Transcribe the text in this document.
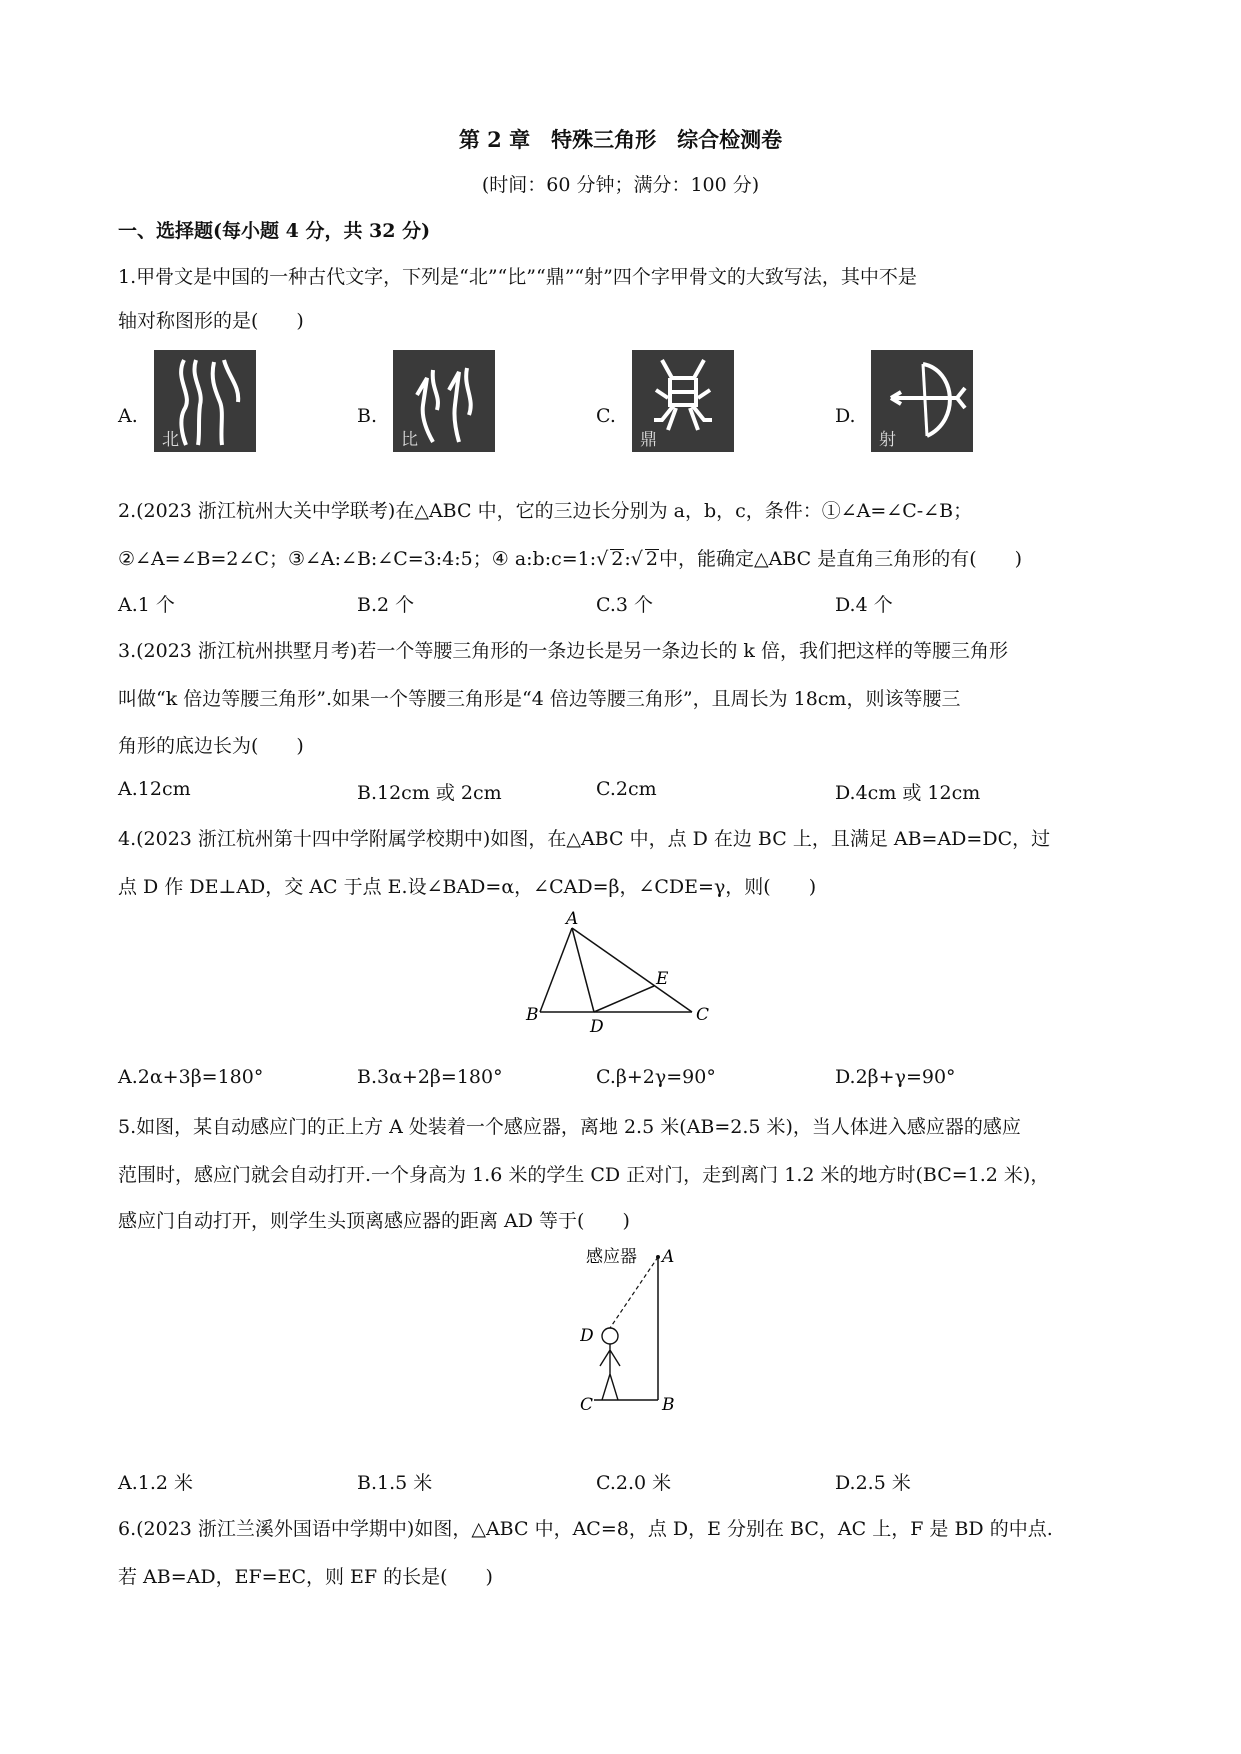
第 2 章　特殊三角形　综合检测卷
(时间：60 分钟；满分：100 分)
一、选择题(每小题 4 分，共 32 分)
1.甲骨文是中国的一种古代文字，下列是“北”“比”“鼎”“射”四个字甲骨文的大致写法，其中不是
轴对称图形的是(　　)
A.
北
B.
比
C.
鼎
D.
射
2.(2023 浙江杭州大关中学联考)在△ABC 中，它的三边长分别为 a，b，c，条件：①∠A=∠C-∠B；
②∠A=∠B=2∠C；③∠A:∠B:∠C=3:4:5；④ a:b:c=1:√ 2:√ 2中，能确定△ABC 是直角三角形的有(　　)
A.1 个	B.2 个	C.3 个	D.4 个
3.(2023 浙江杭州拱墅月考)若一个等腰三角形的一条边长是另一条边长的 k 倍，我们把这样的等腰三角形
叫做“k 倍边等腰三角形”.如果一个等腰三角形是“4 倍边等腰三角形”，且周长为 18cm，则该等腰三
角形的底边长为(　　)
A.12cm	B.12cm 或 2cm	C.2cm	D.4cm 或 12cm
4.(2023 浙江杭州第十四中学附属学校期中)如图，在△ABC 中，点 D 在边 BC 上，且满足 AB=AD=DC，过
点 D 作 DE⊥AD，交 AC 于点 E.设∠BAD=α，∠CAD=β，∠CDE=γ，则(　　)
A
B
D
E
C
A.2α+3β=180°	B.3α+2β=180°	C.β+2γ=90°	D.2β+γ=90°
5.如图，某自动感应门的正上方 A 处装着一个感应器，离地 2.5 米(AB=2.5 米)，当人体进入感应器的感应
范围时，感应门就会自动打开.一个身高为 1.6 米的学生 CD 正对门，走到离门 1.2 米的地方时(BC=1.2 米)，
感应门自动打开，则学生头顶离感应器的距离 AD 等于(　　)
感应器 A
D
C	B
A.1.2 米	B.1.5 米	C.2.0 米	D.2.5 米
6.(2023 浙江兰溪外国语中学期中)如图，△ABC 中，AC=8，点 D，E 分别在 BC，AC 上，F 是 BD 的中点.
若 AB=AD，EF=EC，则 EF 的长是(　　)
